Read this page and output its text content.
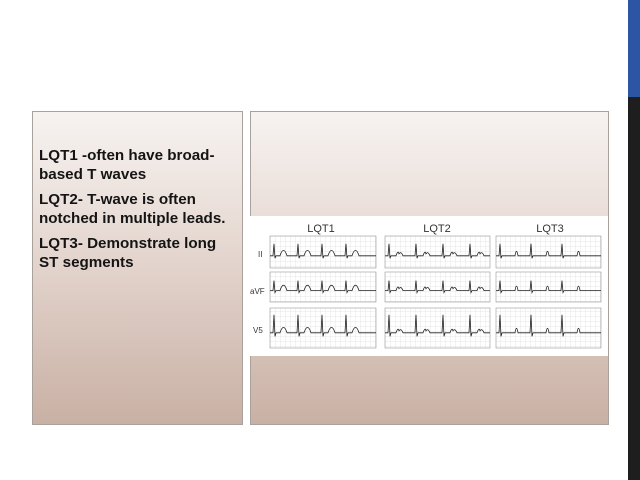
LQT1 -often have broad-based T waves

LQT2- T-wave is often notched in multiple leads.

LQT3- Demonstrate long ST segments

LQT1	LQT2	LQT3
II
aVF
V5
